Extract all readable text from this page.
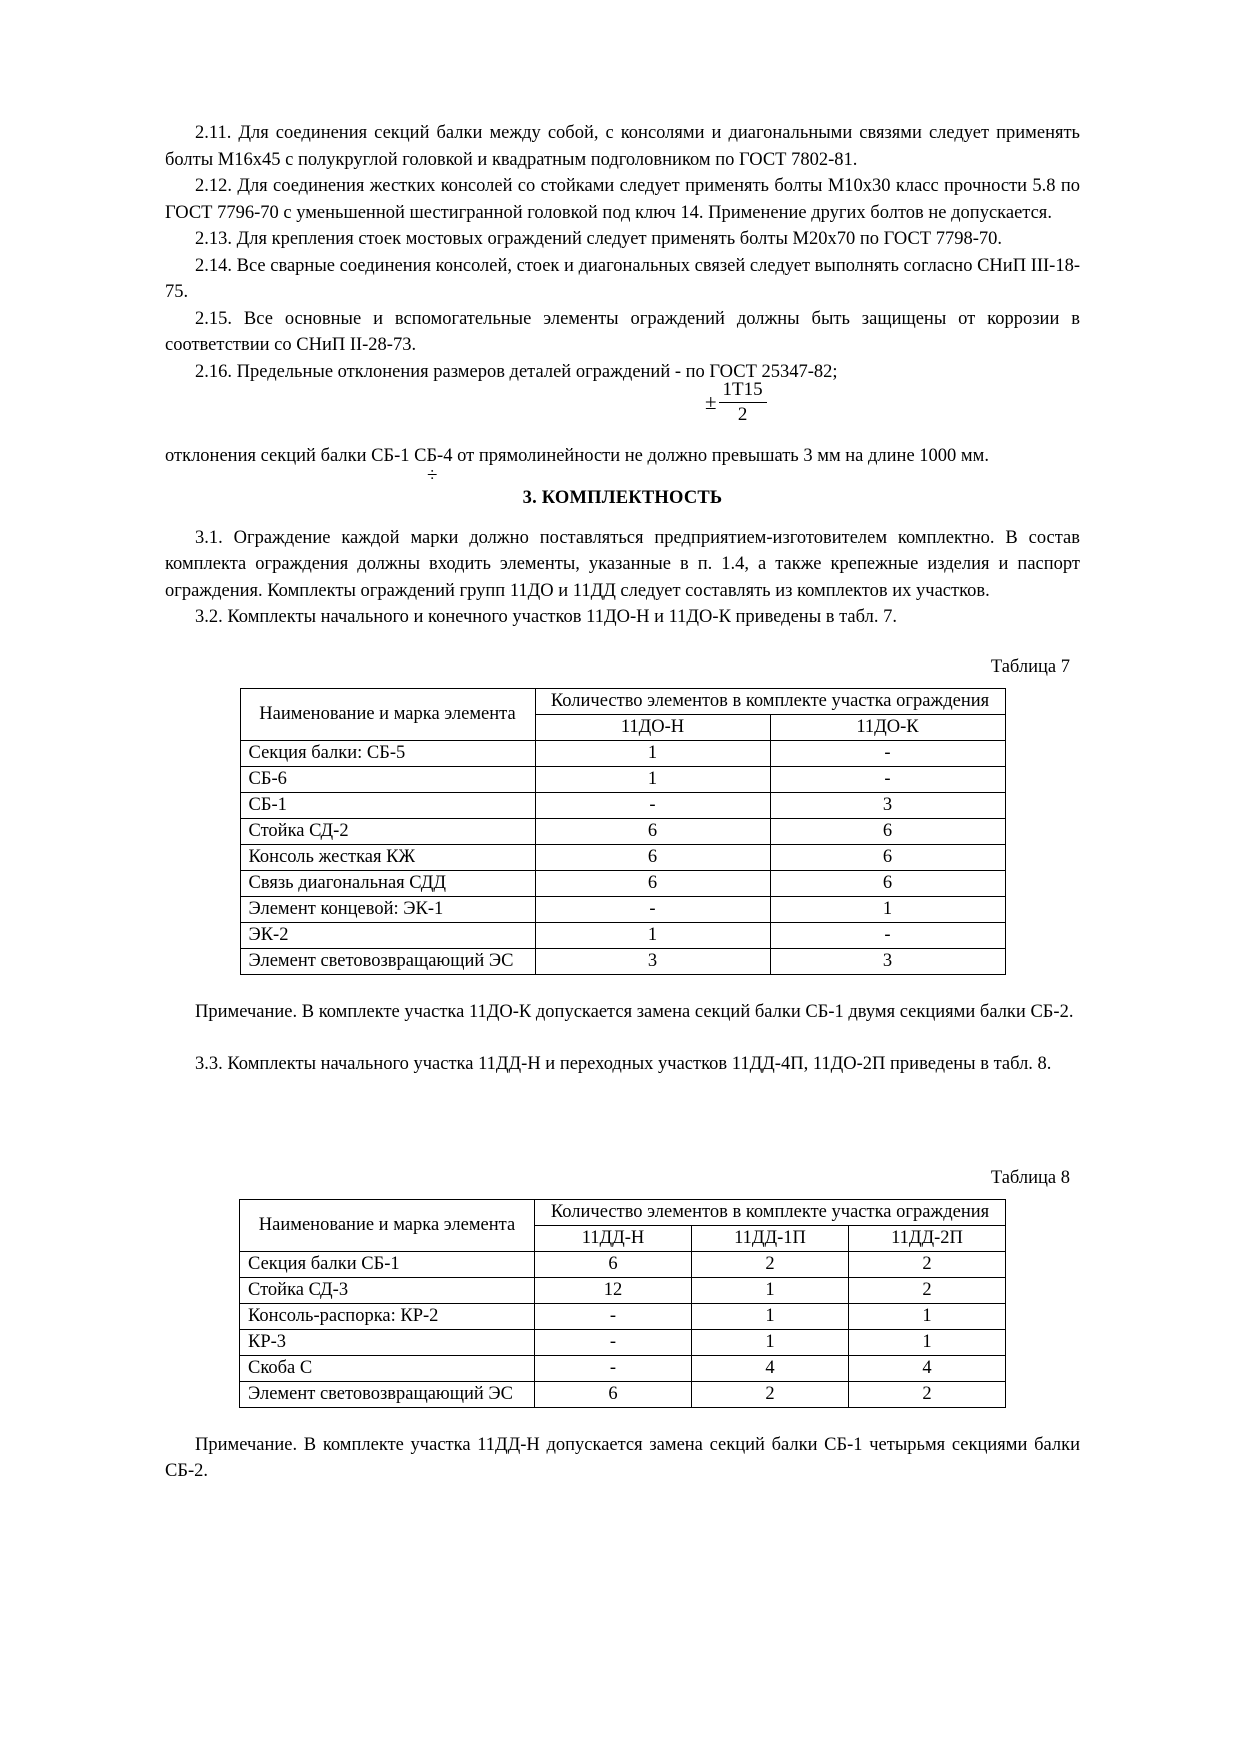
2.11. Для соединения секций балки между собой, с консолями и диагональными связями следует применять болты М16х45 с полукруглой головкой и квадратным подголовником по ГОСТ 7802-81.

2.12. Для соединения жестких консолей со стойками следует применять болты М10х30 класс прочности 5.8 по ГОСТ 7796-70 с уменьшенной шестигранной головкой под ключ 14. Применение других болтов не допускается.

2.13. Для крепления стоек мостовых ограждений следует применять болты М20х70 по ГОСТ 7798-70.

2.14. Все сварные соединения консолей, стоек и диагональных связей следует выполнять согласно СНиП III-18-75.

2.15. Все основные и вспомогательные элементы ограждений должны быть защищены от коррозии в соответствии со СНиП II-28-73.

2.16. Предельные отклонения размеров деталей ограждений - по ГОСТ 25347-82;

± $\frac{1Т15}{2}$
отклонения секций балки СБ-1 СБ-4 от прямолинейности не должно превышать 3 мм на длине 1000 мм.
÷
3. КОМПЛЕКТНОСТЬ

3.1. Ограждение каждой марки должно поставляться предприятием-изготовителем комплектно. В состав комплекта ограждения должны входить элементы, указанные в п. 1.4, а также крепежные изделия и паспорт ограждения. Комплекты ограждений групп 11ДО и 11ДД следует составлять из комплектов их участков.

3.2. Комплекты начального и конечного участков 11ДО-Н и 11ДО-К приведены в табл. 7.

Таблица 7
Наименование и марка элемента	Количество элементов в комплекте участка ограждения	
	11ДО-Н	11ДО-К
Секция балки: СБ-5	1	-
СБ-6	1	-
СБ-1	-	3
Стойка СД-2	6	6
Консоль жесткая КЖ	6	6
Связь диагональная СДД	6	6
Элемент концевой: ЭК-1	-	1
ЭК-2	1	-
Элемент световозвращающий ЭС	3	3

Примечание. В комплекте участка 11ДО-К допускается замена секций балки СБ-1 двумя секциями балки СБ-2.

3.3. Комплекты начального участка 11ДД-Н и переходных участков 11ДД-4П, 11ДО-2П приведены в табл. 8.

Таблица 8
Наименование и марка элемента	Количество элементов в комплекте участка ограждения		
	11ДД-Н	11ДД-1П	11ДД-2П
Секция балки СБ-1	6	2	2
Стойка СД-3	12	1	2
Консоль-распорка: КР-2	-	1	1
КР-3	-	1	1
Скоба С	-	4	4
Элемент световозвращающий ЭС	6	2	2

Примечание. В комплекте участка 11ДД-Н допускается замена секций балки СБ-1 четырьмя секциями балки СБ-2.
